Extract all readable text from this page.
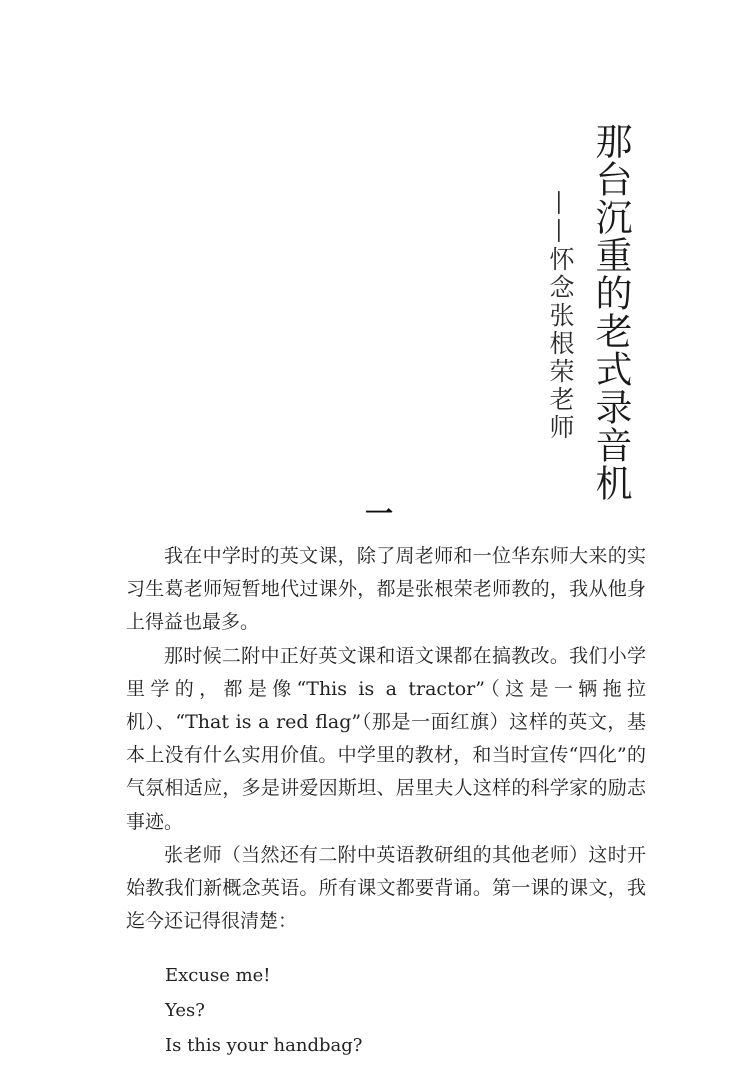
那台沉重的老式录音机
——怀念张根荣老师
一

我在中学时的英文课，除了周老师和一位华东师大来的实习生葛老师短暂地代过课外，都是张根荣老师教的，我从他身上得益也最多。

那时候二附中正好英文课和语文课都在搞教改。我们小学里学的，都是像“This is a tractor”（这是一辆拖拉机）、“That is a red flag”（那是一面红旗）这样的英文，基本上没有什么实用价值。中学里的教材，和当时宣传“四化”的气氛相适应，多是讲爱因斯坦、居里夫人这样的科学家的励志事迹。

张老师（当然还有二附中英语教研组的其他老师）这时开始教我们新概念英语。所有课文都要背诵。第一课的课文，我迄今还记得很清楚：

Excuse me!
Yes?
Is this your handbag?
